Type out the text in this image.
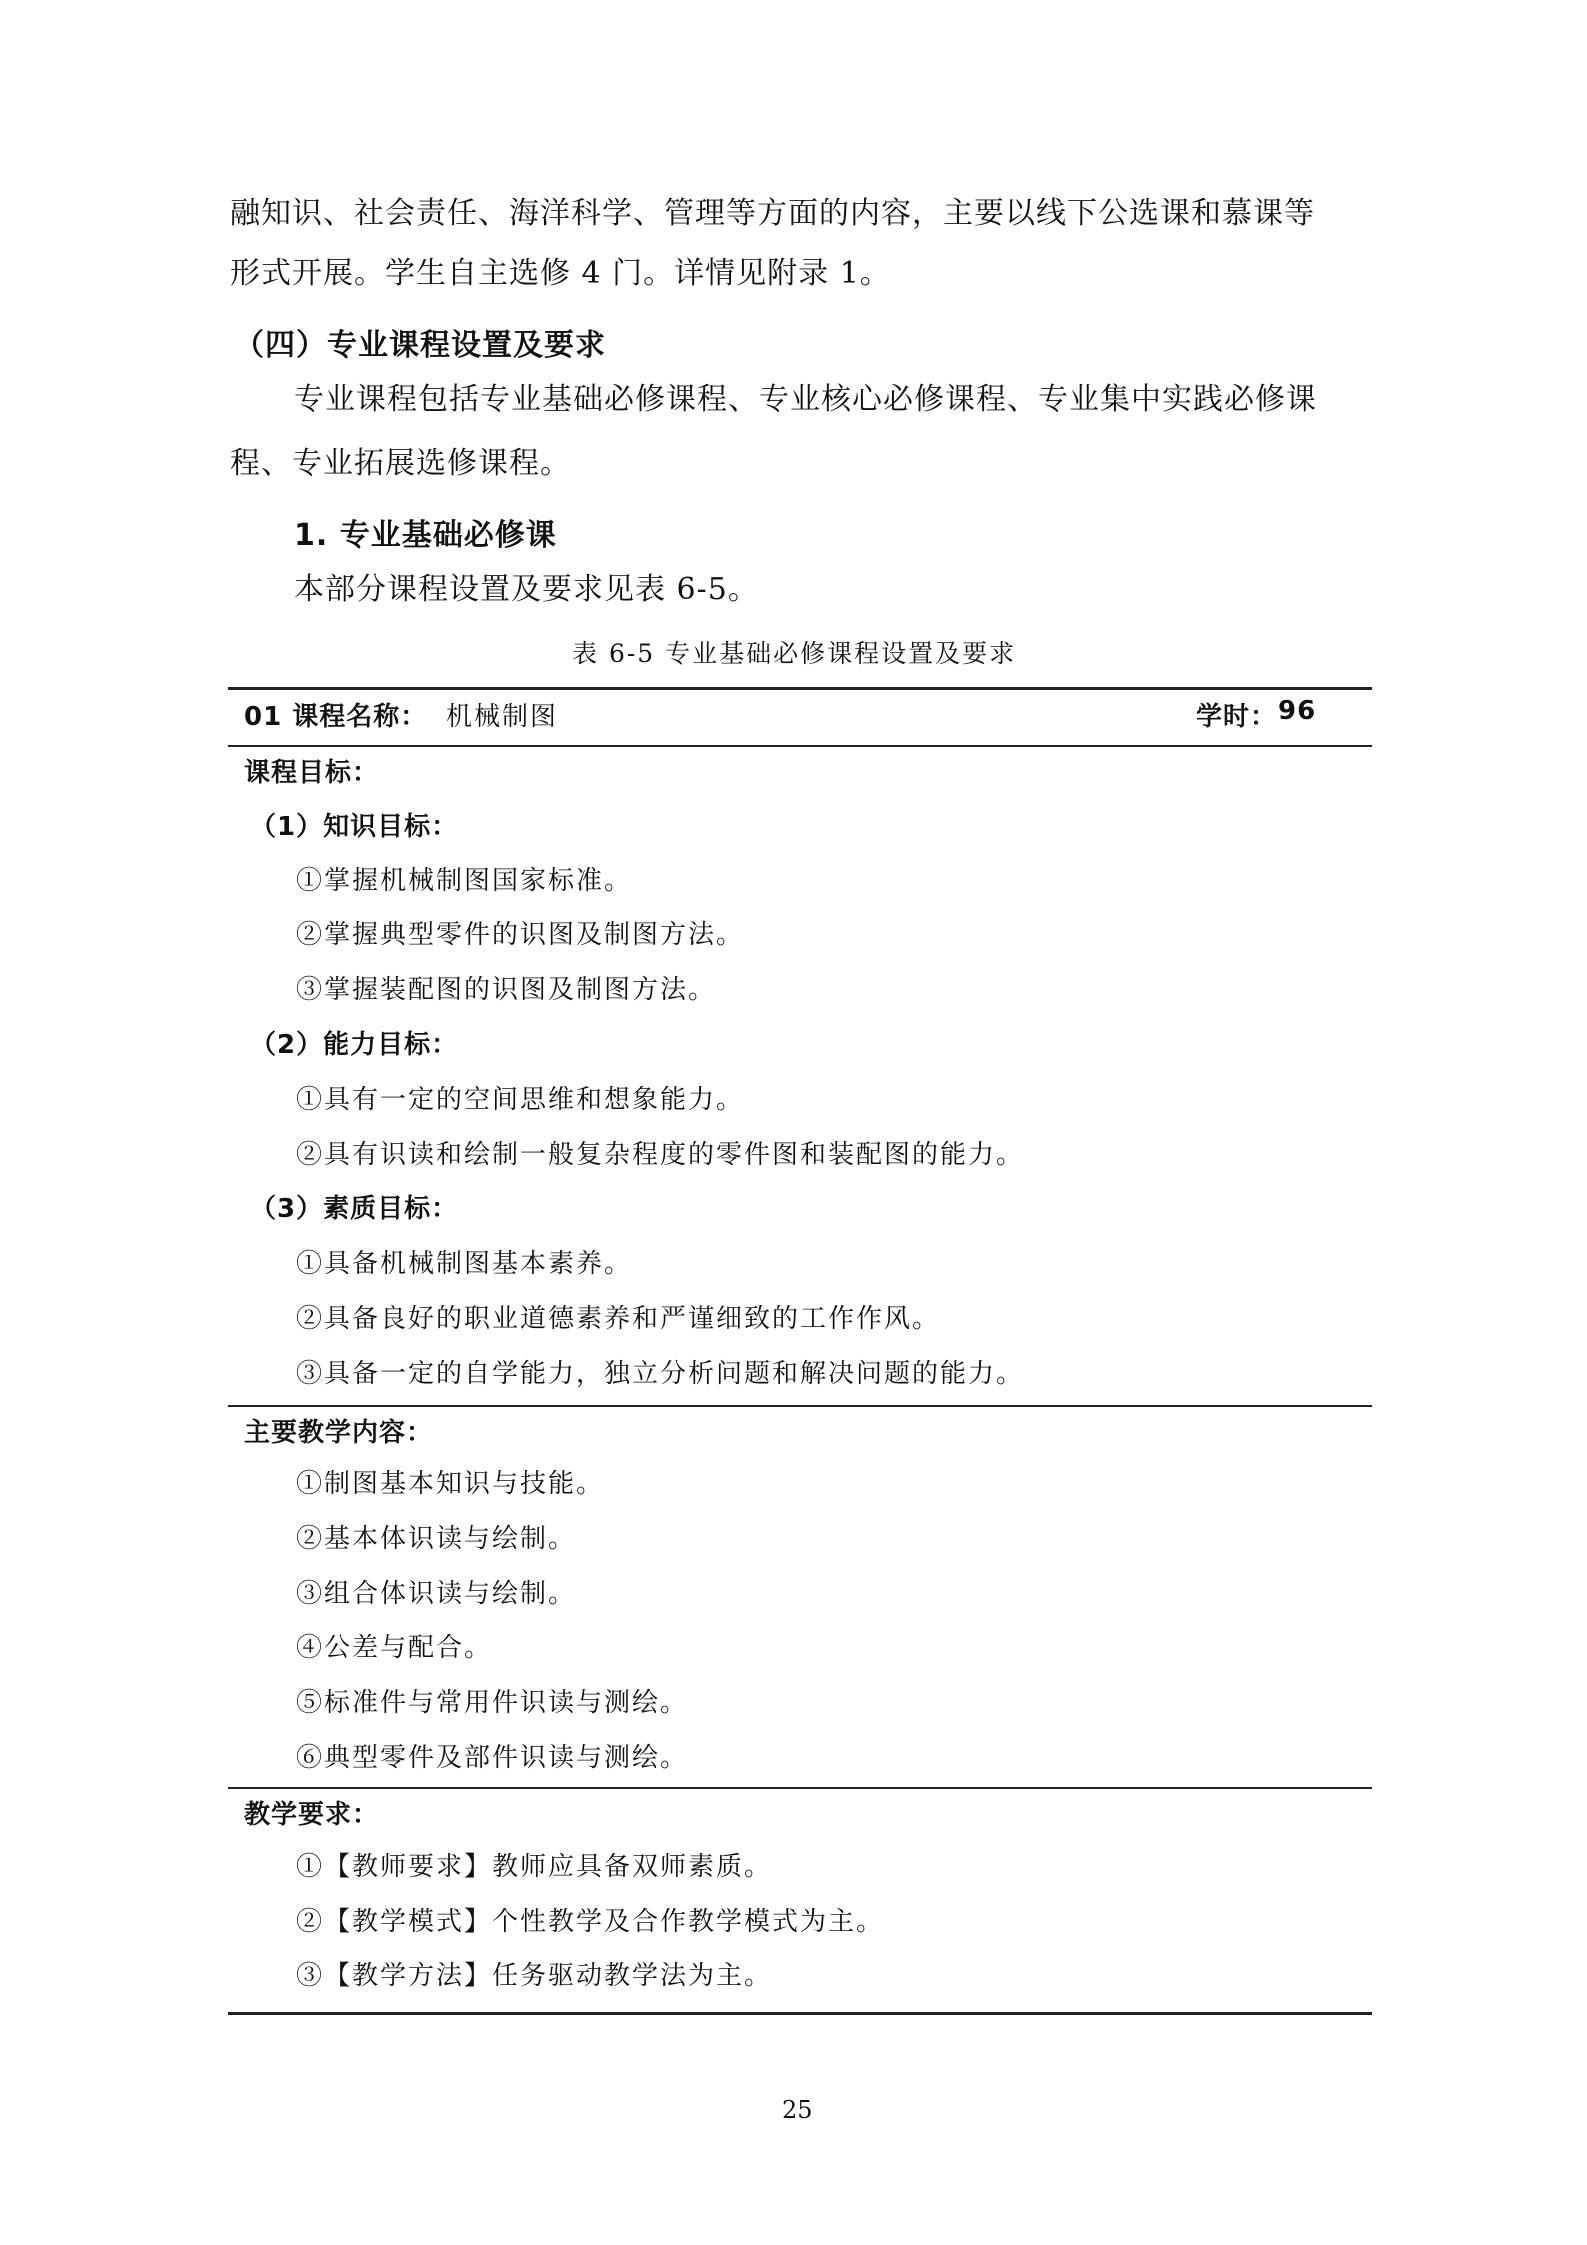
融知识、社会责任、海洋科学、管理等方面的内容，主要以线下公选课和慕课等

形式开展。学生自主选修 4 门。详情见附录 1。

（四）专业课程设置及要求

专业课程包括专业基础必修课程、专业核心必修课程、专业集中实践必修课

程、专业拓展选修课程。

1. 专业基础必修课

本部分课程设置及要求见表 6-5。

表 6-5 专业基础必修课程设置及要求

01 课程名称： 机械制图	学时： 96
课程目标：
（1）知识目标：
①掌握机械制图国家标准。
②掌握典型零件的识图及制图方法。
③掌握装配图的识图及制图方法。
（2）能力目标：
①具有一定的空间思维和想象能力。
②具有识读和绘制一般复杂程度的零件图和装配图的能力。
（3）素质目标：
①具备机械制图基本素养。
②具备良好的职业道德素养和严谨细致的工作作风。
③具备一定的自学能力，独立分析问题和解决问题的能力。
主要教学内容：
①制图基本知识与技能。
②基本体识读与绘制。
③组合体识读与绘制。
④公差与配合。
⑤标准件与常用件识读与测绘。
⑥典型零件及部件识读与测绘。
教学要求：
①【教师要求】教师应具备双师素质。
②【教学模式】个性教学及合作教学模式为主。
③【教学方法】任务驱动教学法为主。
25
